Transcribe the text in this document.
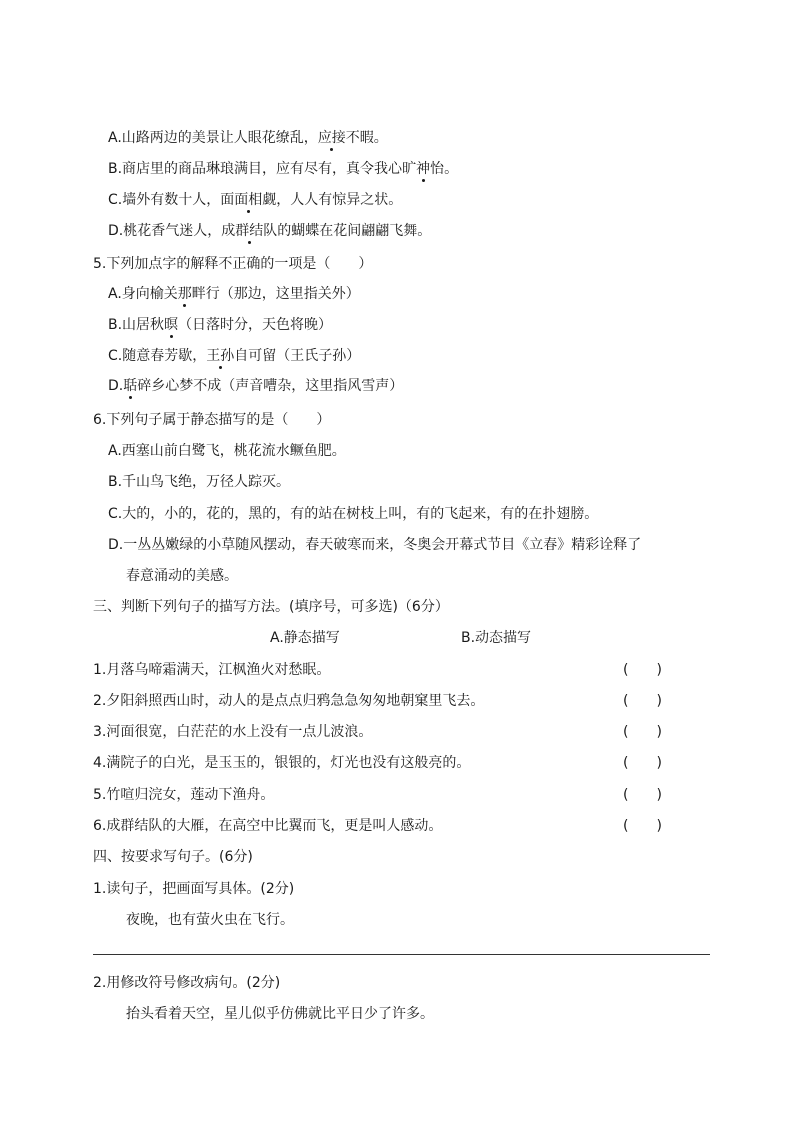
A.山路两边的美景让人眼花缭乱，应接不暇。
B.商店里的商品琳琅满目，应有尽有，真令我心旷神怡。
C.墙外有数十人，面面相觑，人人有惊异之状。
D.桃花香气迷人，成群结队的蝴蝶在花间翩翩飞舞。
5.下列加点字的解释不正确的一项是（　　）
A.身向榆关那畔行（那边，这里指关外）
B.山居秋暝（日落时分，天色将晚）
C.随意春芳歇，王孙自可留（王氏子孙）
D.聒碎乡心梦不成（声音嘈杂，这里指风雪声）
6.下列句子属于静态描写的是（　　）
A.西塞山前白鹭飞，桃花流水鳜鱼肥。
B.千山鸟飞绝，万径人踪灭。
C.大的，小的，花的，黑的，有的站在树枝上叫，有的飞起来，有的在扑翅膀。
D.一丛丛嫩绿的小草随风摆动，春天破寒而来，冬奥会开幕式节目《立春》精彩诠释了
春意涌动的美感。
三、判断下列句子的描写方法。(填序号，可多选)（6分）
A.静态描写	B.动态描写
1.月落乌啼霜满天，江枫渔火对愁眠。	(　　)
2.夕阳斜照西山时，动人的是点点归鸦急急匆匆地朝窠里飞去。	(　　)
3.河面很宽，白茫茫的水上没有一点儿波浪。	(　　)
4.满院子的白光，是玉玉的，银银的，灯光也没有这般亮的。	(　　)
5.竹喧归浣女，莲动下渔舟。	(　　)
6.成群结队的大雁，在高空中比翼而飞，更是叫人感动。	(　　)
四、按要求写句子。(6分)
1.读句子，把画面写具体。(2分)
夜晚，也有萤火虫在飞行。
2.用修改符号修改病句。(2分)
抬头看着天空，星儿似乎仿佛就比平日少了许多。
